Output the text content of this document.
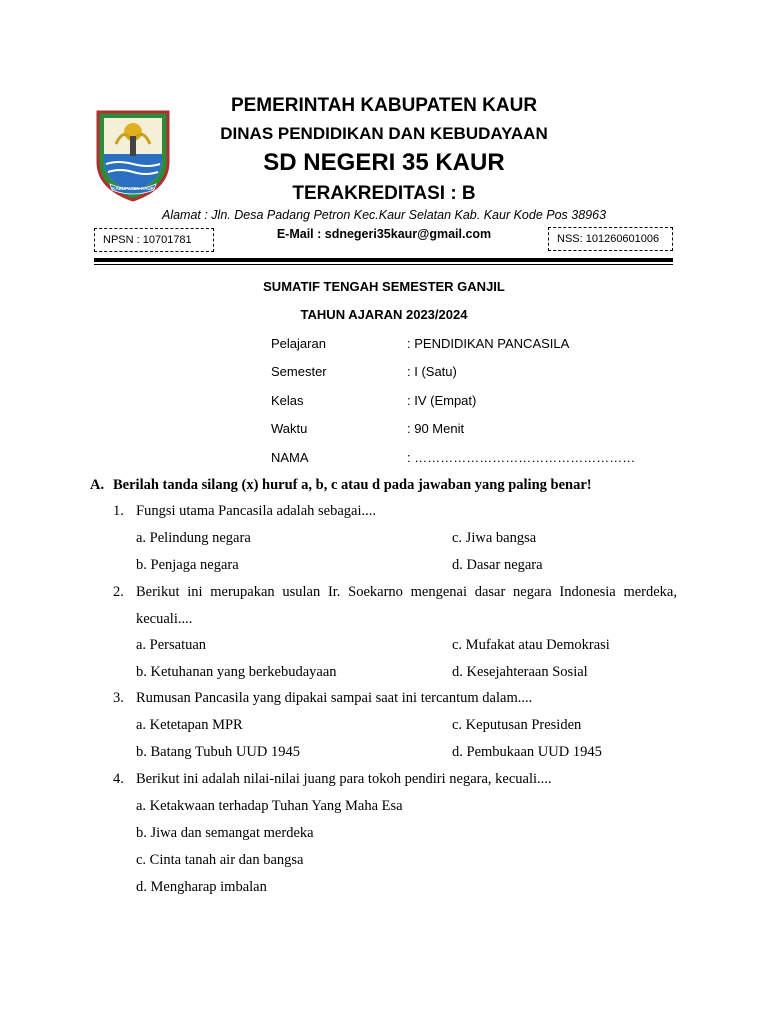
KABUPATEN KAUR
PEMERINTAH KABUPATEN KAUR
DINAS PENDIDIKAN DAN KEBUDAYAAN
SD NEGERI 35 KAUR
TERAKREDITASI : B
Alamat : Jln. Desa Padang Petron Kec.Kaur Selatan Kab. Kaur Kode Pos 38963
E-Mail : sdnegeri35kaur@gmail.com
NPSN : 10701781	NSS: 101260601006
SUMATIF TENGAH SEMESTER GANJIL
TAHUN AJARAN 2023/2024
Pelajaran	: PENDIDIKAN PANCASILA
Semester	: I (Satu)
Kelas	: IV (Empat)
Waktu	: 90 Menit
NAMA	: ……………………………………………
A. Berilah tanda silang (x) huruf a, b, c atau d pada jawaban yang paling benar!
1. Fungsi utama Pancasila adalah sebagai....
a. Pelindung negara	c. Jiwa bangsa
b. Penjaga negara	d. Dasar negara
2. Berikut ini merupakan usulan Ir. Soekarno mengenai dasar negara Indonesia merdeka,
kecuali....
a. Persatuan	c. Mufakat atau Demokrasi
b. Ketuhanan yang berkebudayaan	d. Kesejahteraan Sosial
3. Rumusan Pancasila yang dipakai sampai saat ini tercantum dalam....
a. Ketetapan MPR	c. Keputusan Presiden
b. Batang Tubuh UUD 1945	d. Pembukaan UUD 1945
4. Berikut ini adalah nilai-nilai juang para tokoh pendiri negara, kecuali....
a. Ketakwaan terhadap Tuhan Yang Maha Esa
b. Jiwa dan semangat merdeka
c. Cinta tanah air dan bangsa
d. Mengharap imbalan
